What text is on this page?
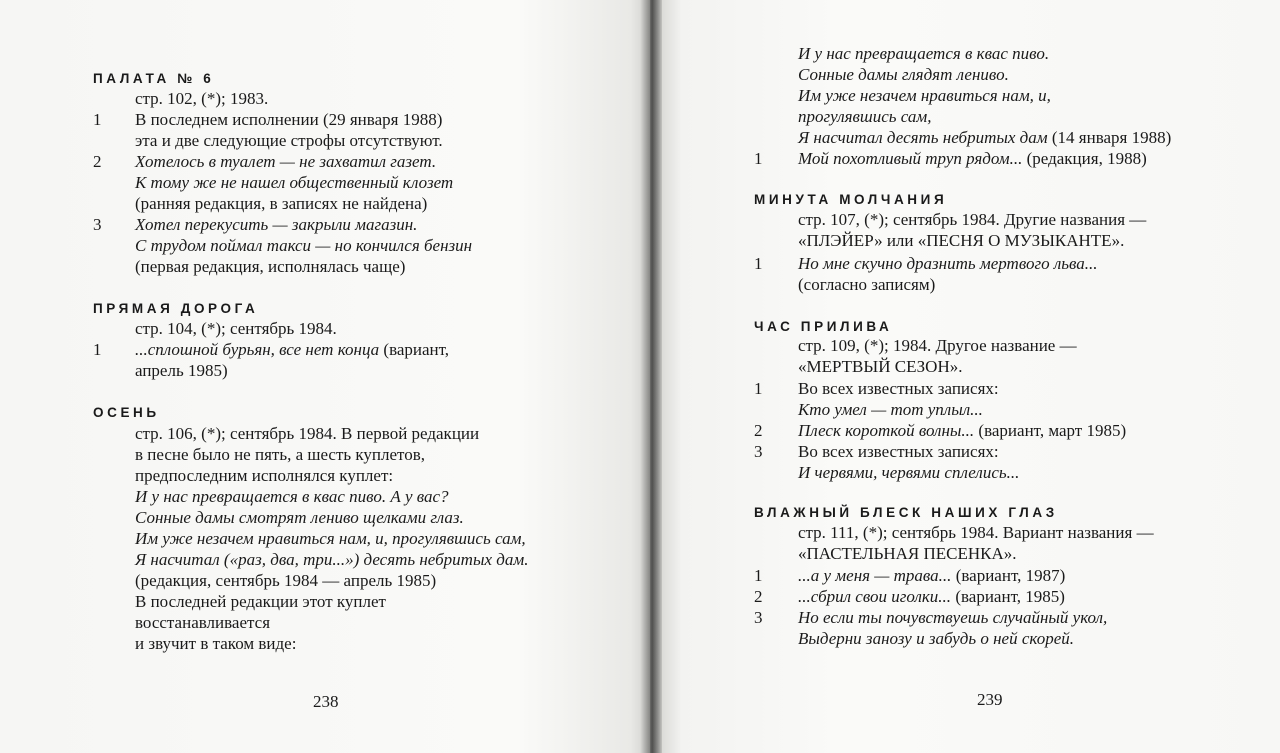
ПАЛАТА № 6
стр. 102, (*); 1983.
1 В последнем исполнении (29 января 1988)
эта и две следующие строфы отсутствуют.
2 Хотелось в туалет — не захватил газет.
К тому же не нашел общественный клозет
(ранняя редакция, в записях не найдена)
3 Хотел перекусить — закрыли магазин.
С трудом поймал такси — но кончился бензин
(первая редакция, исполнялась чаще)
ПРЯМАЯ ДОРОГА
стр. 104, (*); сентябрь 1984.
1 ...сплошной бурьян, все нет конца (вариант,
апрель 1985)
ОСЕНЬ
стр. 106, (*); сентябрь 1984. В первой редакции
в песне было не пять, а шесть куплетов,
предпоследним исполнялся куплет:
И у нас превращается в квас пиво. А у вас?
Сонные дамы смотрят лениво щелками глаз.
Им уже незачем нравиться нам, и, прогулявшись сам,
Я насчитал («раз, два, три...») десять небритых дам.
(редакция, сентябрь 1984 — апрель 1985)
В последней редакции этот куплет
восстанавливается
и звучит в таком виде:
238
И у нас превращается в квас пиво.
Сонные дамы глядят лениво.
Им уже незачем нравиться нам, и,
прогулявшись сам,
Я насчитал десять небритых дам (14 января 1988)
1 Мой похотливый труп рядом... (редакция, 1988)
МИНУТА МОЛЧАНИЯ
стр. 107, (*); сентябрь 1984. Другие названия —
«ПЛЭЙЕР» или «ПЕСНЯ О МУЗЫКАНТЕ».
1 Но мне скучно дразнить мертвого льва...
(согласно записям)
ЧАС ПРИЛИВА
стр. 109, (*); 1984. Другое название —
«МЕРТВЫЙ СЕЗОН».
1 Во всех известных записях:
Кто умел — тот уплыл...
2 Плеск короткой волны... (вариант, март 1985)
3 Во всех известных записях:
И червями, червями сплелись...
ВЛАЖНЫЙ БЛЕСК НАШИХ ГЛАЗ
стр. 111, (*); сентябрь 1984. Вариант названия —
«ПАСТЕЛЬНАЯ ПЕСЕНКА».
1 ...а у меня — трава... (вариант, 1987)
2 ...сбрил свои иголки... (вариант, 1985)
3 Но если ты почувствуешь случайный укол,
Выдерни занозу и забудь о ней скорей.
239
